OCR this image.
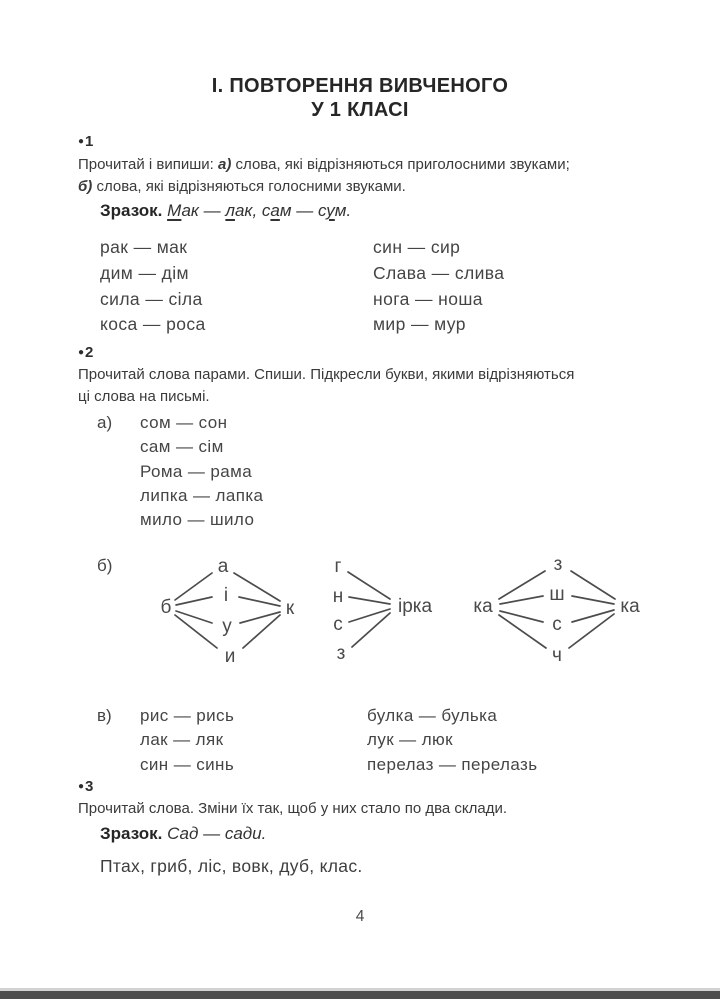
І. ПОВТОРЕННЯ ВИВЧЕНОГО
У 1 КЛАСІ
●1
Прочитай і випиши: а) слова, які відрізняються приголосними звуками;
б) слова, які відрізняються голосними звуками.
Зразок. Мак — лак, сам — сум.
рак — мак
дим — дім
сила — сіла
коса — роса
син — сир
Слава — слива
нога — ноша
мир — мур
●2
Прочитай слова парами. Спиши. Підкресли букви, якими відрізняються
ці слова на письмі.
а) сом — сон
сам — сім
Рома — рама
липка — лапка
мило — шило
б)
б
а
і
у
и
к
г
н
с
з
ірка ка
з
ш
с
ч
ка
в) рис — рись
лак — ляк
син — синь
булка — булька
лук — люк
перелаз — перелазь
●3
Прочитай слова. Зміни їх так, щоб у них стало по два склади.
Зразок. Сад — сади.
Птах, гриб, ліс, вовк, дуб, клас.
4
